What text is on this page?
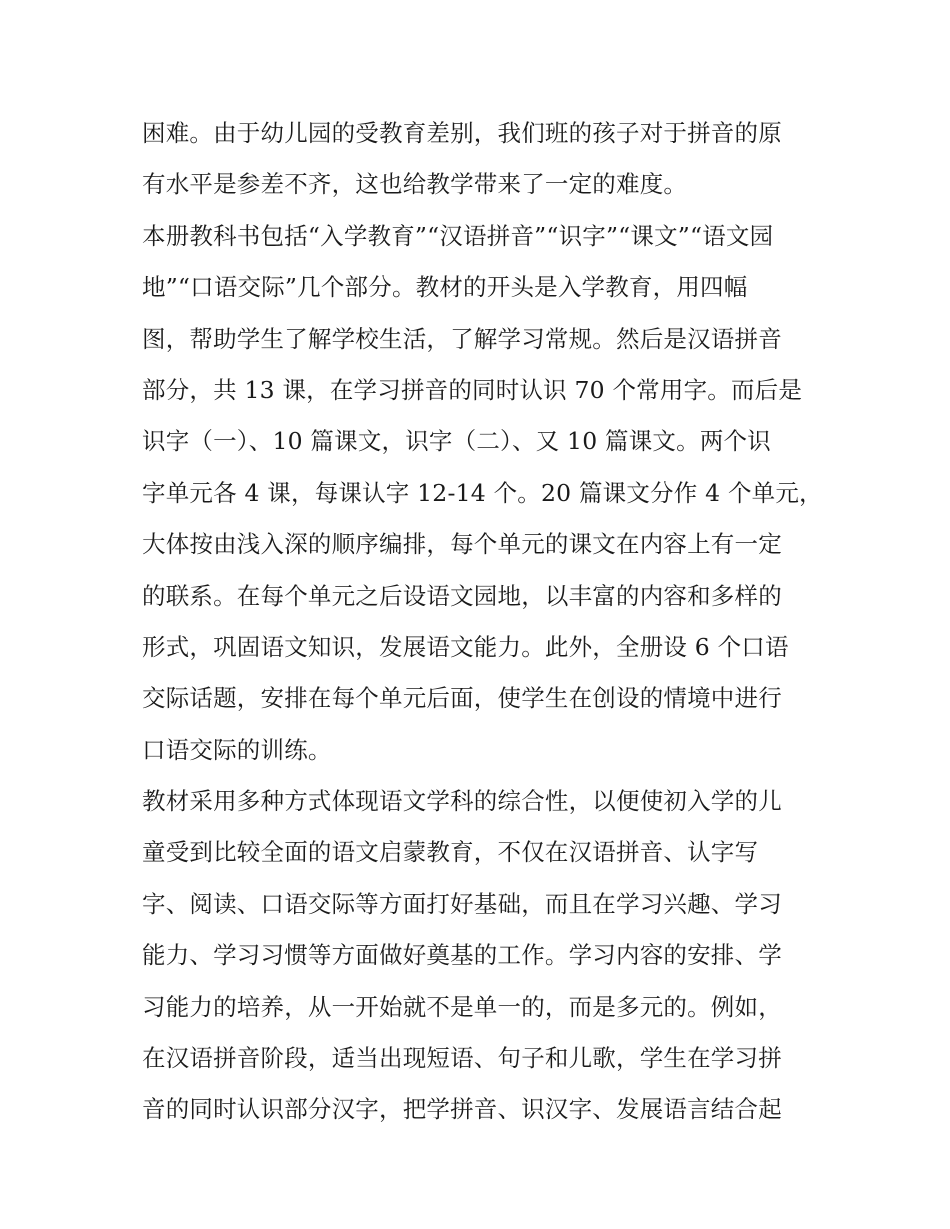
困难。由于幼儿园的受教育差别，我们班的孩子对于拼音的原
有水平是参差不齐，这也给教学带来了一定的难度。
本册教科书包括“入学教育”“汉语拼音”“识字”“课文”“语文园
地”“口语交际”几个部分。教材的开头是入学教育，用四幅
图，帮助学生了解学校生活，了解学习常规。然后是汉语拼音
部分，共 13 课，在学习拼音的同时认识 70 个常用字。而后是
识字（一）、10 篇课文，识字（二）、又 10 篇课文。两个识
字单元各 4 课，每课认字 12-14 个。20 篇课文分作 4 个单元，
大体按由浅入深的顺序编排，每个单元的课文在内容上有一定
的联系。在每个单元之后设语文园地，以丰富的内容和多样的
形式，巩固语文知识，发展语文能力。此外，全册设 6 个口语
交际话题，安排在每个单元后面，使学生在创设的情境中进行
口语交际的训练。
教材采用多种方式体现语文学科的综合性，以便使初入学的儿
童受到比较全面的语文启蒙教育，不仅在汉语拼音、认字写
字、阅读、口语交际等方面打好基础，而且在学习兴趣、学习
能力、学习习惯等方面做好奠基的工作。学习内容的安排、学
习能力的培养，从一开始就不是单一的，而是多元的。例如，
在汉语拼音阶段，适当出现短语、句子和儿歌，学生在学习拼
音的同时认识部分汉字，把学拼音、识汉字、发展语言结合起
